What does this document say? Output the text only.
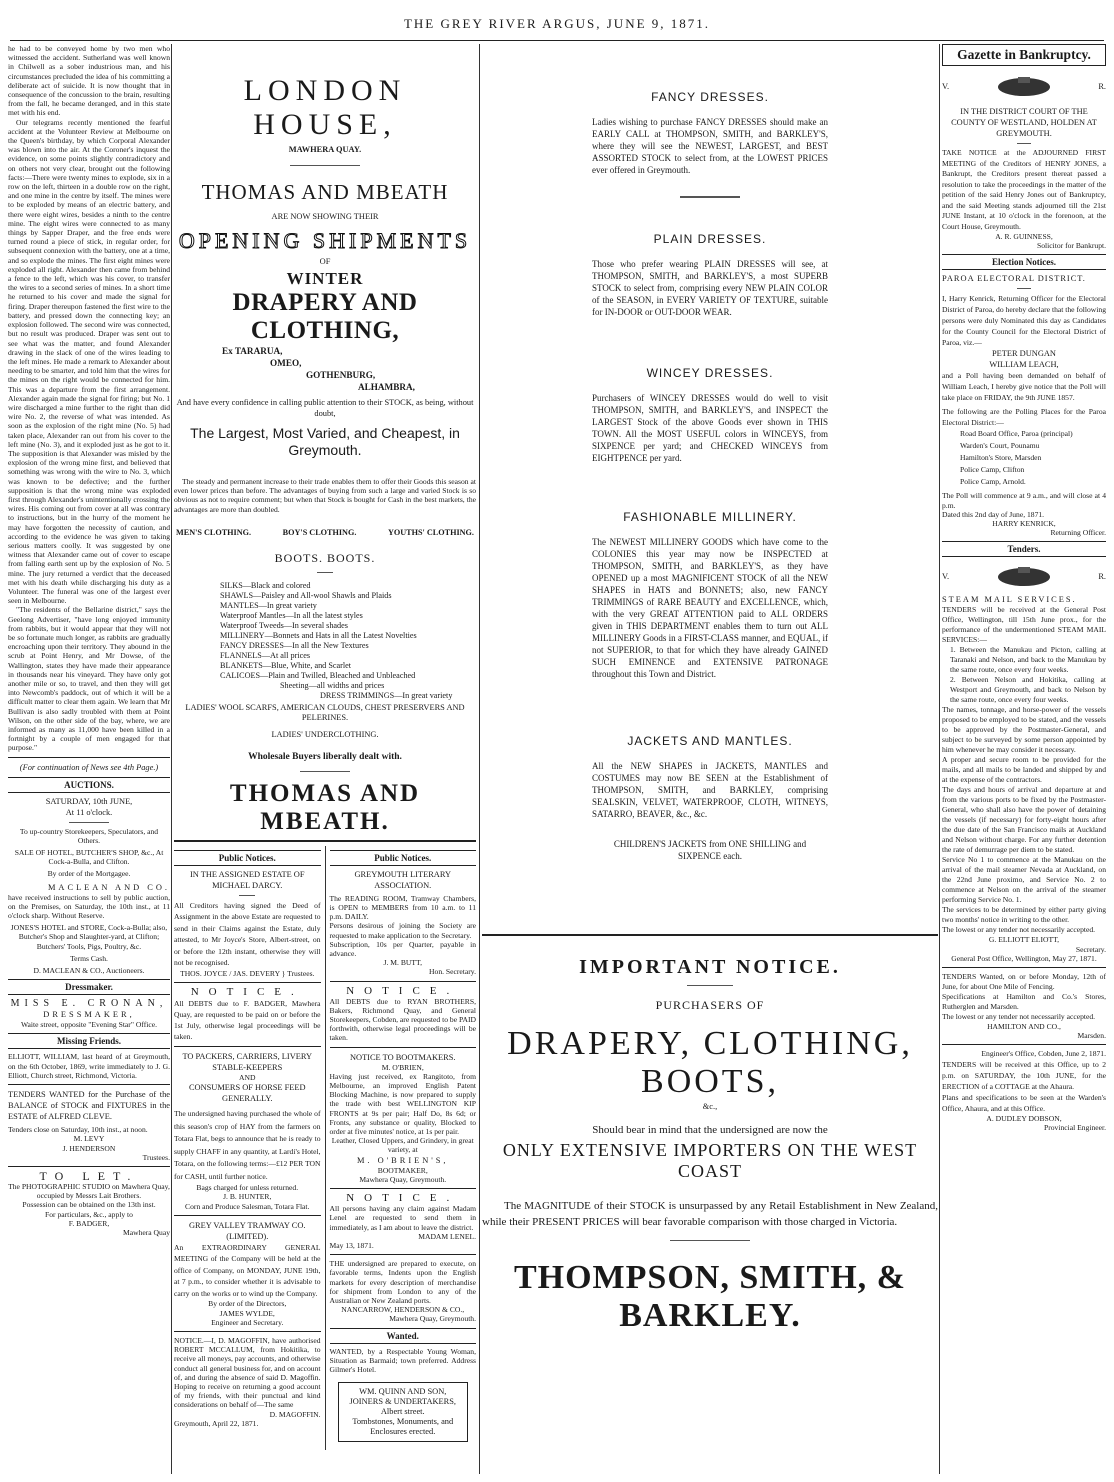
THE GREY RIVER ARGUS, JUNE 9, 1871.

he had to be conveyed home by two men who witnessed the accident. Sutherland was well known in Chilwell as a sober industrious man, and his circumstances precluded the idea of his committing a deliberate act of suicide. It is now thought that in consequence of the concussion to the brain, resulting from the fall, he became deranged, and in this state met with his end.

Our telegrams recently mentioned the fearful accident at the Volunteer Review at Melbourne on the Queen's birthday, by which Corporal Alexander was blown into the air. At the Coroner's inquest the evidence, on some points slightly contradictory and on others not very clear, brought out the following facts:—There were twenty mines to explode, six in a row on the left, thirteen in a double row on the right, and one mine in the centre by itself. The mines were to be exploded by means of an electric battery, and there were eight wires, besides a ninth to the centre mine. The eight wires were connected to as many things by Sapper Draper, and the free ends were turned round a piece of stick, in regular order, for subsequent connexion with the battery, one at a time, and so explode the mines. The first eight mines were exploded all right. Alexander then came from behind a fence to the left, which was his cover, to transfer the wires to a second series of mines. In a short time he returned to his cover and made the signal for firing. Draper thereupon fastened the first wire to the battery, and pressed down the connecting key; an explosion followed. The second wire was connected, but no result was produced. Draper was sent out to see what was the matter, and found Alexander drawing in the slack of one of the wires leading to the left mines. He made a remark to Alexander about needing to be smarter, and told him that the wires for the mines on the right would be connected for him. This was a departure from the first arrangement. Alexander again made the signal for firing; but No. 1 wire discharged a mine further to the right than did wire No. 2, the reverse of what was intended. As soon as the explosion of the right mine (No. 5) had taken place, Alexander ran out from his cover to the left mine (No. 3), and it exploded just as he got to it. The supposition is that Alexander was misled by the explosion of the wrong mine first, and believed that something was wrong with the wire to No. 3, which was known to be defective; and the further supposition is that the wrong mine was exploded first through Alexander's unintentionally crossing the wires. His coming out from cover at all was contrary to instructions, but in the hurry of the moment he may have forgotten the necessity of caution, and according to the evidence he was given to taking serious matters coolly. It was suggested by one witness that Alexander came out of cover to escape from falling earth sent up by the explosion of No. 5 mine. The jury returned a verdict that the deceased met with his death while discharging his duty as a Volunteer. The funeral was one of the largest ever seen in Melbourne.

"The residents of the Bellarine district," says the Geelong Advertiser, "have long enjoyed immunity from rabbits, but it would appear that they will not be so fortunate much longer, as rabbits are gradually encroaching upon their territory. They abound in the scrub at Point Henry, and Mr Dowse, of the Wallington, states they have made their appearance in thousands near his vineyard. They have only got another mile or so, to travel, and then they will get into Newcomb's paddock, out of which it will be a difficult matter to clear them again. We learn that Mr Bullivan is also sadly troubled with them at Point Wilson, on the other side of the bay, where, we are informed as many as 11,000 have been killed in a fortnight by a couple of men engaged for that purpose."

(For continuation of News see 4th Page.)

AUCTIONS.

SATURDAY, 10th JUNE,

At 11 o'clock.

To up-country Storekeepers, Speculators, and Others.

SALE OF HOTEL, BUTCHER'S SHOP, &c., At Cock-a-Bulla, and Clifton.

By order of the Mortgagee.

MACLEAN AND CO.

have received instructions to sell by public auction, on the Premises, on Saturday, the 10th inst., at 11 o'clock sharp. Without Reserve.

JONES'S HOTEL and STORE, Cock-a-Bulla; also, Butcher's Shop and Slaughter-yard, at Clifton; Butchers' Tools, Pigs, Poultry, &c.

Terms Cash.

D. MACLEAN & CO., Auctioneers.

Dressmaker.

MISS E. CRONAN,

DRESSMAKER,

Waite street, opposite "Evening Star" Office.

Missing Friends.

ELLIOTT, WILLIAM, last heard of at Greymouth, on the 6th October, 1869, write immediately to J. G. Elliott, Church street, Richmond, Victoria.

TENDERS WANTED for the Purchase of the BALANCE of STOCK and FIXTURES in the ESTATE of ALFRED CLEVE.

Tenders close on Saturday, 10th inst., at noon.

M. LEVY

J. HENDERSON

Trustees.

TO LET.

The PHOTOGRAPHIC STUDIO on Mawhera Quay, occupied by Messrs Lait Brothers.

Possession can be obtained on the 13th inst.

For particulars, &c., apply to

F. BADGER,

Mawhera Quay

LONDON HOUSE,

MAWHERA QUAY.

THOMAS AND MBEATH

ARE NOW SHOWING THEIR

OPENING SHIPMENTS

OF

WINTER
DRAPERY AND CLOTHING,

Ex TARARUA,

OMEO,

GOTHENBURG,

ALHAMBRA,

And have every confidence in calling public attention to their STOCK, as being, without doubt,

The Largest, Most Varied, and Cheapest, in Greymouth.

The steady and permanent increase to their trade enables them to offer their Goods this season at even lower prices than before. The advantages of buying from such a large and varied Stock is so obvious as not to require comment; but when that Stock is bought for Cash in the best markets, the advantages are more than doubled.

MEN'S CLOTHING.	BOY'S CLOTHING.	YOUTHS' CLOTHING.
BOOTS. BOOTS.

SILKS—Black and colored

SHAWLS—Paisley and All-wool Shawls and Plaids

MANTLES—In great variety

Waterproof Mantles—In all the latest styles

Waterproof Tweeds—In several shades

MILLINERY—Bonnets and Hats in all the Latest Novelties

FANCY DRESSES—In all the New Textures

FLANNELS—At all prices

BLANKETS—Blue, White, and Scarlet

CALICOES—Plain and Twilled, Bleached and Unbleached

Sheeting—all widths and prices

DRESS TRIMMINGS—In great variety

LADIES' WOOL SCARFS, AMERICAN CLOUDS, CHEST PRESERVERS AND PELERINES.

LADIES' UNDERCLOTHING.

Wholesale Buyers liberally dealt with.

THOMAS AND MBEATH.
Public Notices.

IN THE ASSIGNED ESTATE OF MICHAEL DARCY.

All Creditors having signed the Deed of Assignment in the above Estate are requested to send in their Claims against the Estate, duly attested, to Mr Joyce's Store, Albert-street, on or before the 12th instant, otherwise they will not be recognised.

THOS. JOYCE / JAS. DEVERY } Trustees.

NOTICE.

All DEBTS due to F. BADGER, Mawhera Quay, are requested to be paid on or before the 1st July, otherwise legal proceedings will be taken.

TO PACKERS, CARRIERS, LIVERY STABLE-KEEPERS

AND

CONSUMERS OF HORSE FEED GENERALLY.

The undersigned having purchased the whole of this season's crop of HAY from the farmers on Totara Flat, begs to announce that he is ready to supply CHAFF in any quantity, at Lardi's Hotel, Totara, on the following terms:—£12 PER TON for CASH, until further notice.

Bags charged for unless returned.

J. B. HUNTER,

Corn and Produce Salesman, Totara Flat.

GREY VALLEY TRAMWAY CO. (LIMITED).

An EXTRAORDINARY GENERAL MEETING of the Company will be held at the office of Company, on MONDAY, JUNE 19th, at 7 p.m., to consider whether it is advisable to carry on the works or to wind up the Company.

By order of the Directors,

JAMES WYLDE,

Engineer and Secretary.

NOTICE.—I, D. MAGOFFIN, have authorised ROBERT MCCALLUM, from Hokitika, to receive all moneys, pay accounts, and otherwise conduct all general business for, and on account of, and during the absence of said D. Magoffin. Hoping to receive on returning a good account of my friends, with their punctual and kind considerations on behalf of—The same

D. MAGOFFIN.

Greymouth, April 22, 1871.

Public Notices.

GREYMOUTH LITERARY ASSOCIATION.

The READING ROOM, Tramway Chambers, is OPEN to MEMBERS from 10 a.m. to 11 p.m. DAILY.

Persons desirous of joining the Society are requested to make application to the Secretary.

Subscription, 10s per Quarter, payable in advance.

J. M. BUTT,

Hon. Secretary.

NOTICE.

All DEBTS due to RYAN BROTHERS, Bakers, Richmond Quay, and General Storekeepers, Cobden, are requested to be PAID forthwith, otherwise legal proceedings will be taken.

NOTICE TO BOOTMAKERS.

M. O'BRIEN,

Having just received, ex Rangitoto, from Melbourne, an improved English Patent Blocking Machine, is now prepared to supply the trade with best WELLINGTON KIP FRONTS at 9s per pair; Half Do, 8s 6d; or Fronts, any substance or quality, Blocked to order at five minutes' notice, at 1s per pair.

Leather, Closed Uppers, and Grindery, in great variety, at

M. O'BRIEN'S,

BOOTMAKER,

Mawhera Quay, Greymouth.

NOTICE.

All persons having any claim against Madam Lenel are requested to send them in immediately, as I am about to leave the district.

MADAM LENEL.

May 13, 1871.

THE undersigned are prepared to execute, on favorable terms, Indents upon the English markets for every description of merchandise for shipment from London to any of the Australian or New Zealand ports.

NANCARROW, HENDERSON & CO.,

Mawhera Quay, Greymouth.

Wanted.

WANTED, by a Respectable Young Woman, Situation as Barmaid; town preferred. Address Gilmer's Hotel.

WM. QUINN AND SON,

JOINERS & UNDERTAKERS,

Albert street.

Tombstones, Monuments, and Enclosures erected.

FANCY DRESSES.

Ladies wishing to purchase FANCY DRESSES should make an EARLY CALL at THOMPSON, SMITH, and BARKLEY'S, where they will see the NEWEST, LARGEST, and BEST ASSORTED STOCK to select from, at the LOWEST PRICES ever offered in Greymouth.

PLAIN DRESSES.

Those who prefer wearing PLAIN DRESSES will see, at THOMPSON, SMITH, and BARKLEY'S, a most SUPERB STOCK to select from, comprising every NEW PLAIN COLOR of the SEASON, in EVERY VARIETY OF TEXTURE, suitable for IN-DOOR or OUT-DOOR WEAR.

WINCEY DRESSES.

Purchasers of WINCEY DRESSES would do well to visit THOMPSON, SMITH, and BARKLEY'S, and INSPECT the LARGEST Stock of the above Goods ever shown in THIS TOWN. All the MOST USEFUL colors in WINCEYS, from SIXPENCE per yard; and CHECKED WINCEYS from EIGHTPENCE per yard.

FASHIONABLE MILLINERY.

The NEWEST MILLINERY GOODS which have come to the COLONIES this year may now be INSPECTED at THOMPSON, SMITH, and BARKLEY'S, as they have OPENED up a most MAGNIFICENT STOCK of all the NEW SHAPES in HATS and BONNETS; also, new FANCY TRIMMINGS of RARE BEAUTY and EXCELLENCE, which, with the very GREAT ATTENTION paid to ALL ORDERS given in THIS DEPARTMENT enables them to turn out ALL MILLINERY Goods in a FIRST-CLASS manner, and EQUAL, if not SUPERIOR, to that for which they have already GAINED SUCH EMINENCE and EXTENSIVE PATRONAGE throughout this Town and District.

JACKETS AND MANTLES.

All the NEW SHAPES in JACKETS, MANTLES and COSTUMES may now BE SEEN at the Establishment of THOMPSON, SMITH, and BARKLEY, comprising SEALSKIN, VELVET, WATERPROOF, CLOTH, WITNEYS, SATARRO, BEAVER, &c., &c.

CHILDREN'S JACKETS from ONE SHILLING and SIXPENCE each.

IMPORTANT NOTICE.
PURCHASERS OF
DRAPERY, CLOTHING, BOOTS,

&c.,

Should bear in mind that the undersigned are now the

ONLY EXTENSIVE IMPORTERS ON THE WEST COAST

The MAGNITUDE of their STOCK is unsurpassed by any Retail Establishment in New Zealand, while their PRESENT PRICES will bear favorable comparison with those charged in Victoria.

THOMPSON, SMITH, & BARKLEY.
Gazette in Bankruptcy.
V.	R.

IN THE DISTRICT COURT OF THE COUNTY OF WESTLAND, HOLDEN AT GREYMOUTH.

TAKE NOTICE at the ADJOURNED FIRST MEETING of the Creditors of HENRY JONES, a Bankrupt, the Creditors present thereat passed a resolution to take the proceedings in the matter of the petition of the said Henry Jones out of Bankruptcy, and the said Meeting stands adjourned till the 21st JUNE Instant, at 10 o'clock in the forenoon, at the Court House, Greymouth.

A. R. GUINNESS,

Solicitor for Bankrupt.

Election Notices.

PAROA ELECTORAL DISTRICT.

I, Harry Kenrick, Returning Officer for the Electoral District of Paroa, do hereby declare that the following persons were duly Nominated this day as Candidates for the County Council for the Electoral District of Paroa, viz.—

PETER DUNGAN

WILLIAM LEACH,

and a Poll having been demanded on behalf of William Leach, I hereby give notice that the Poll will take place on FRIDAY, the 9th JUNE 1857.

The following are the Polling Places for the Paroa Electoral District:—

Road Board Office, Paroa (principal)

Warden's Court, Pounamu

Hamilton's Store, Marsden

Police Camp, Clifton

Police Camp, Arnold.

The Poll will commence at 9 a.m., and will close at 4 p.m.

Dated this 2nd day of June, 1871.

HARRY KENRICK,

Returning Officer.

Tenders.
V.	R.

STEAM MAIL SERVICES.

TENDERS will be received at the General Post Office, Wellington, till 15th June prox., for the performance of the undermentioned STEAM MAIL SERVICES:—

1. Between the Manukau and Picton, calling at Taranaki and Nelson, and back to the Manukau by the same route, once every four weeks.

2. Between Nelson and Hokitika, calling at Westport and Greymouth, and back to Nelson by the same route, once every four weeks.

The names, tonnage, and horse-power of the vessels proposed to be employed to be stated, and the vessels to be approved by the Postmaster-General, and subject to be surveyed by some person appointed by him whenever he may consider it necessary.

A proper and secure room to be provided for the mails, and all mails to be landed and shipped by and at the expense of the contractors.

The days and hours of arrival and departure at and from the various ports to be fixed by the Postmaster-General, who shall also have the power of detaining the vessels (if necessary) for forty-eight hours after the due date of the San Francisco mails at Auckland and Nelson without charge. For any further detention the rate of demurrage per diem to be stated.

Service No 1 to commence at the Manukau on the arrival of the mail steamer Nevada at Auckland, on the 22nd June proximo, and Service No. 2 to commence at Nelson on the arrival of the steamer performing Service No. 1.

The services to be determined by either party giving two months' notice in writing to the other.

The lowest or any tender not necessarily accepted.

G. ELLIOTT ELIOTT,

Secretary.

General Post Office, Wellington, May 27, 1871.

TENDERS Wanted, on or before Monday, 12th of June, for about One Mile of Fencing.

Specifications at Hamilton and Co.'s Stores, Rutherglen and Marsden.

The lowest or any tender not necessarily accepted.

HAMILTON AND CO.,

Marsden.

Engineer's Office, Cobden, June 2, 1871.

TENDERS will be received at this Office, up to 2 p.m. on SATURDAY, the 10th JUNE, for the ERECTION of a COTTAGE at the Ahaura.

Plans and specifications to be seen at the Warden's Office, Ahaura, and at this Office.

A. DUDLEY DOBSON,

Provincial Engineer.
